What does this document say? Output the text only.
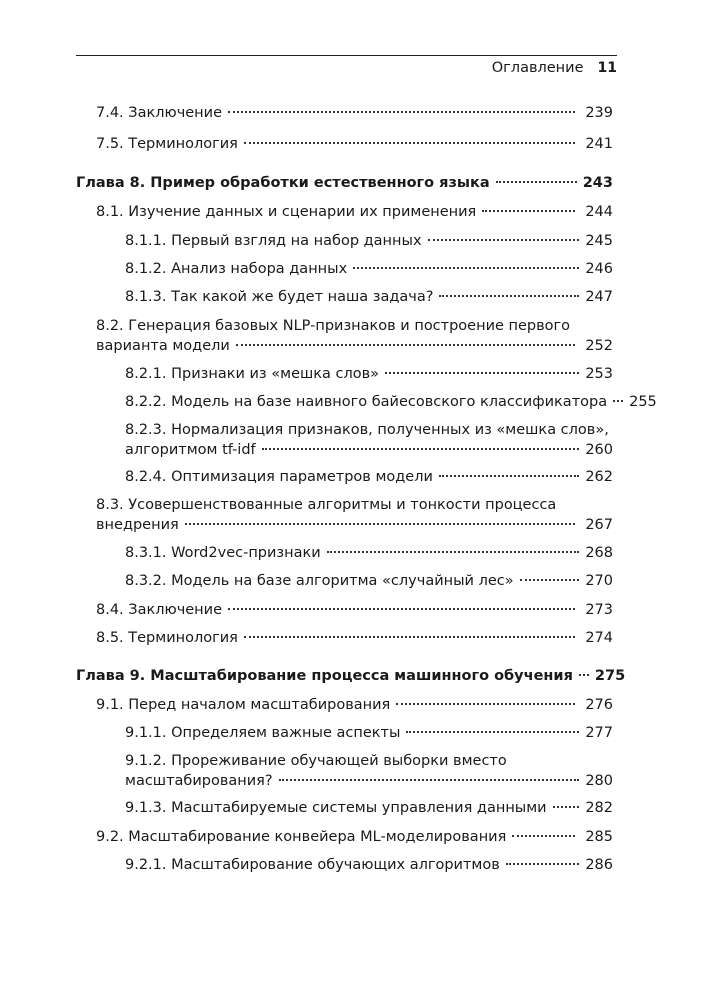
Оглавление 11
7.4. Заключение	239
7.5. Терминология	241
Глава 8. Пример обработки естественного языка	243
8.1. Изучение данных и сценарии их применения	244
8.1.1. Первый взгляд на набор данных	245
8.1.2. Анализ набора данных	246
8.1.3. Так какой же будет наша задача?	247
8.2. Генерация базовых NLP-признаков и построение первого
варианта модели	252
8.2.1. Признаки из «мешка слов»	253
8.2.2. Модель на базе наивного байесовского классификатора 255
8.2.3. Нормализация признаков, полученных из «мешка слов»,
алгоритмом tf-idf	260
8.2.4. Оптимизация параметров модели	262
8.3. Усовершенствованные алгоритмы и тонкости процесса
внедрения	267
8.3.1. Word2vec-признаки	268
8.3.2. Модель на базе алгоритма «случайный лес»	270
8.4. Заключение	273
8.5. Терминология	274
Глава 9. Масштабирование процесса машинного обучения 275
9.1. Перед началом масштабирования	276
9.1.1. Определяем важные аспекты	277
9.1.2. Прореживание обучающей выборки вместо
масштабирования?	280
9.1.3. Масштабируемые системы управления данными	282
9.2. Масштабирование конвейера ML-моделирования	285
9.2.1. Масштабирование обучающих алгоритмов	286
